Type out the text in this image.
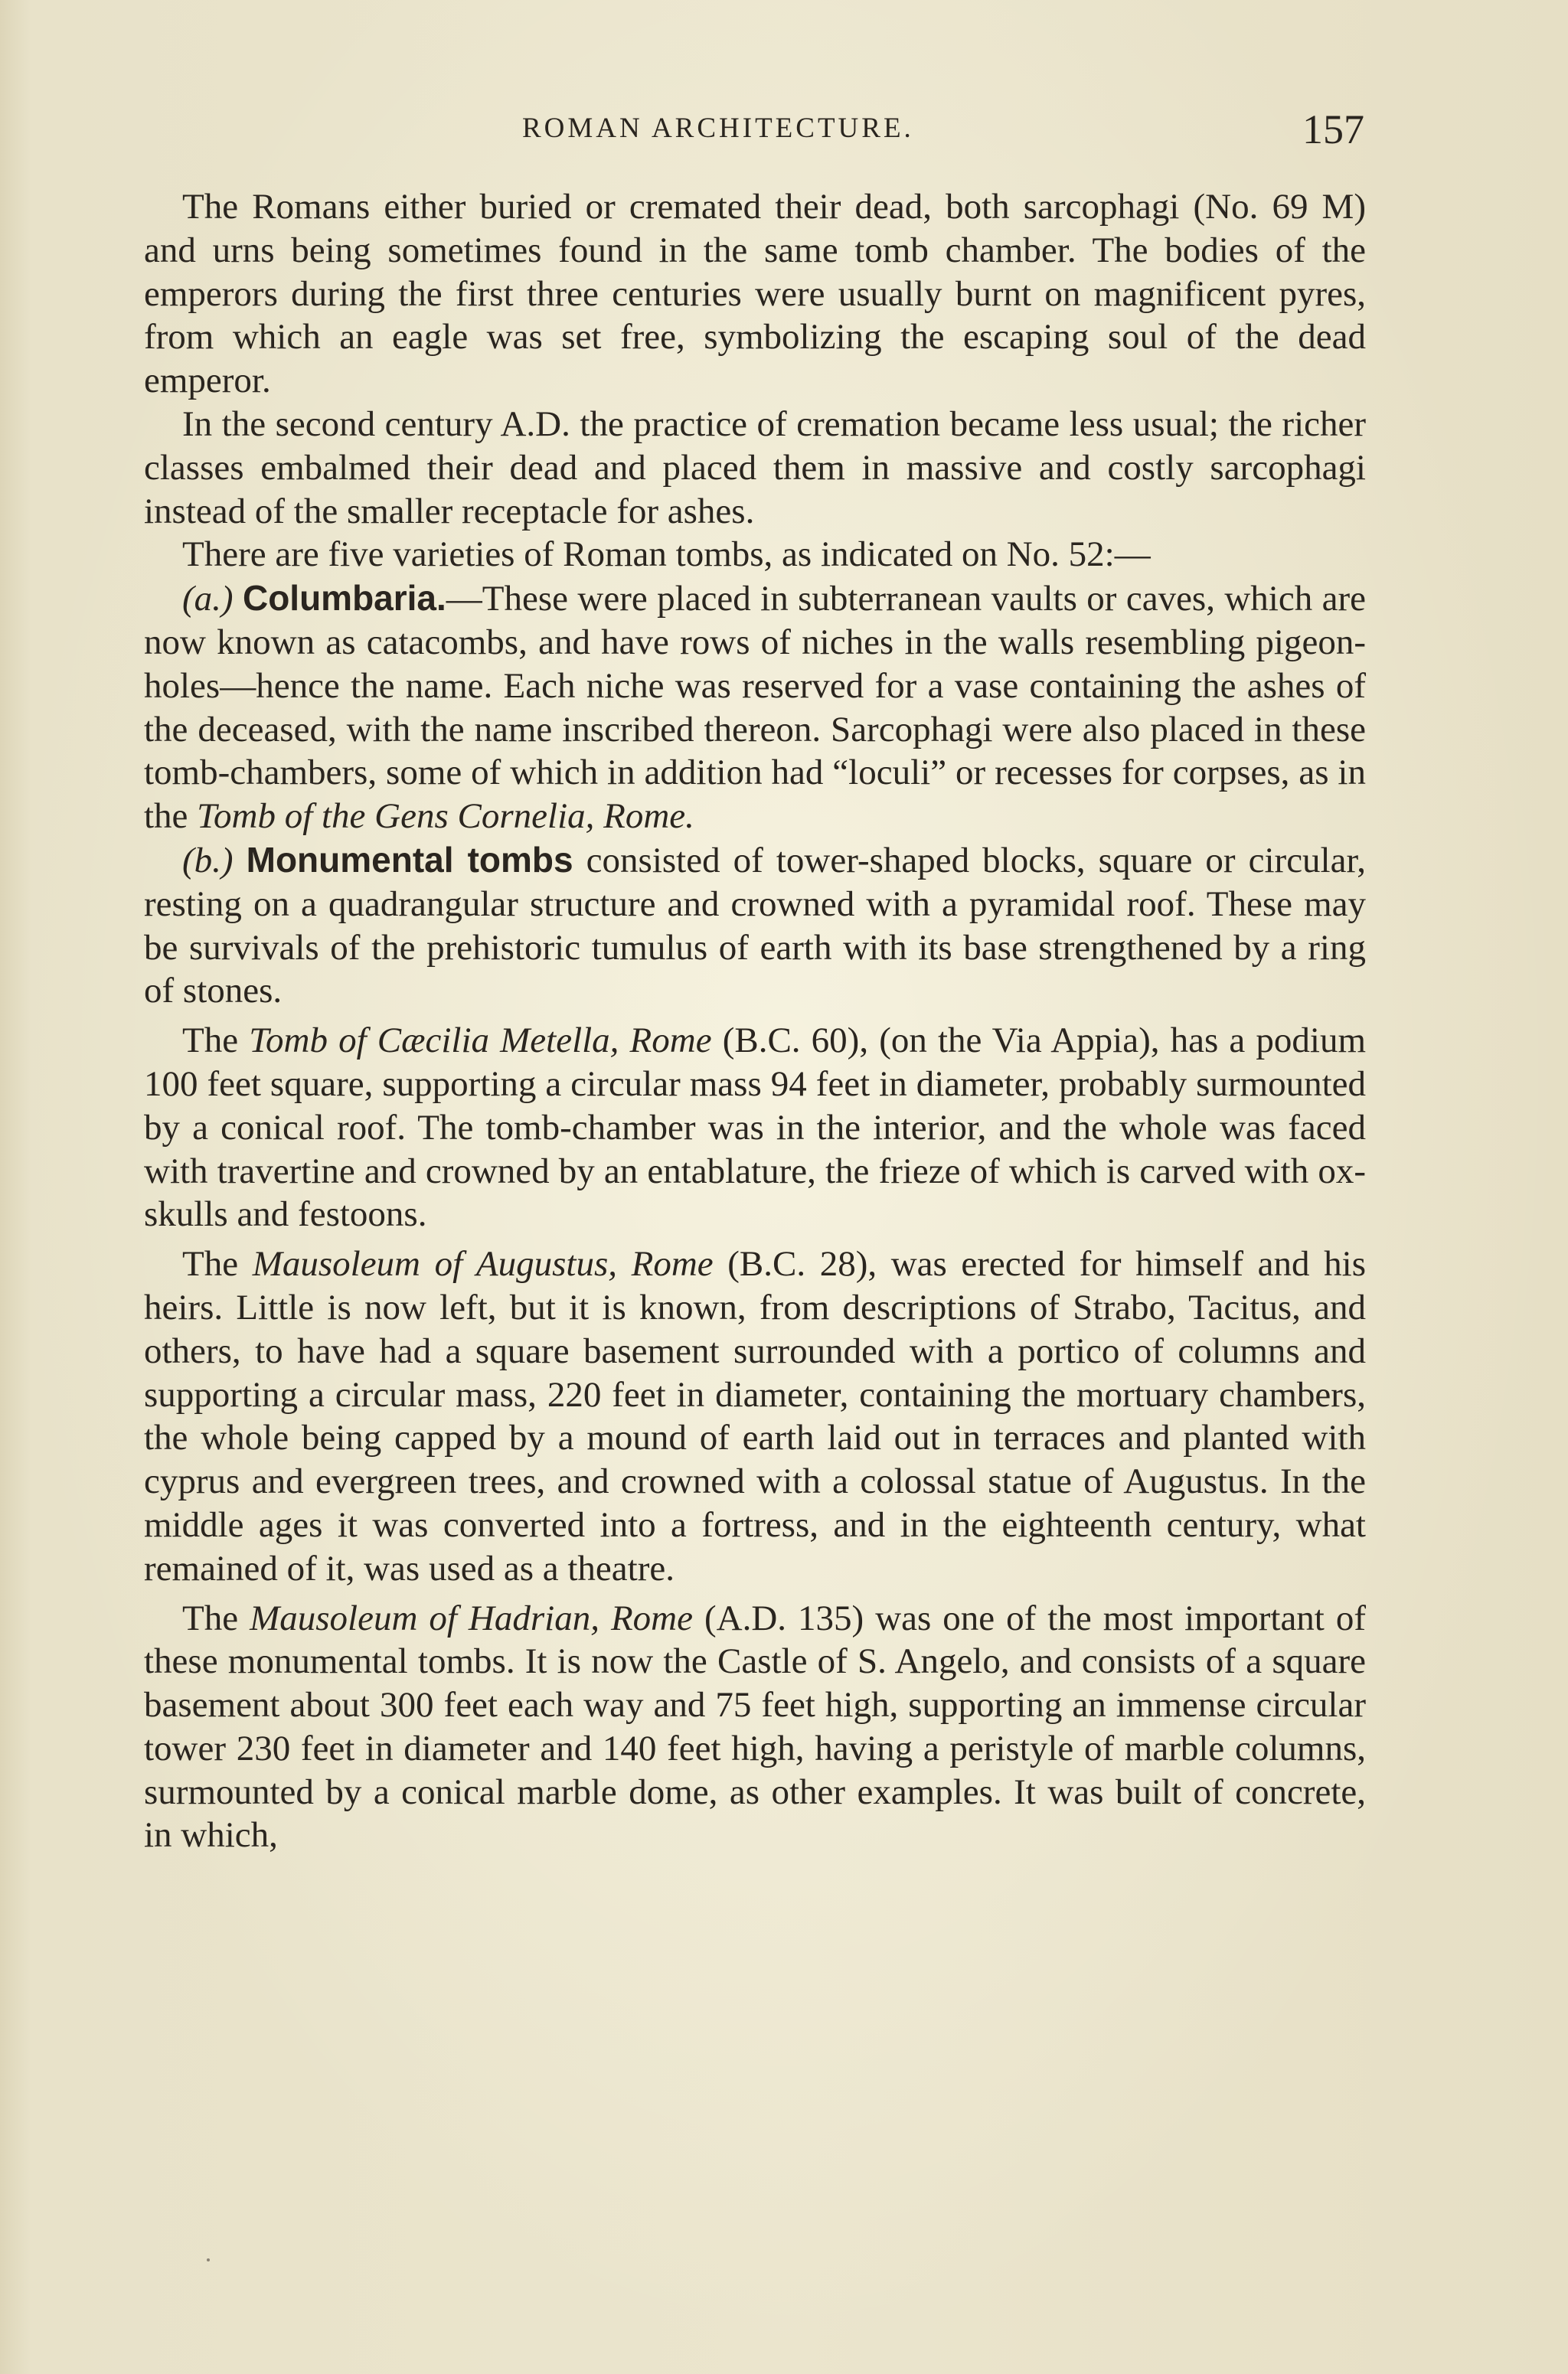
ROMAN ARCHITECTURE.	157

The Romans either buried or cremated their dead, both sarcophagi (No. 69 M) and urns being sometimes found in the same tomb chamber. The bodies of the emperors during the first three centuries were usually burnt on magnificent pyres, from which an eagle was set free, symbolizing the escaping soul of the dead emperor.

In the second century A.D. the practice of cremation became less usual; the richer classes embalmed their dead and placed them in massive and costly sarcophagi instead of the smaller receptacle for ashes.

There are five varieties of Roman tombs, as indicated on No. 52:—

(a.) Columbaria.—These were placed in subterranean vaults or caves, which are now known as catacombs, and have rows of niches in the walls resembling pigeon-holes—hence the name. Each niche was reserved for a vase containing the ashes of the deceased, with the name inscribed thereon. Sarcophagi were also placed in these tomb-chambers, some of which in addition had “loculi” or recesses for corpses, as in the Tomb of the Gens Cornelia, Rome.

(b.) Monumental tombs consisted of tower-shaped blocks, square or circular, resting on a quadrangular structure and crowned with a pyramidal roof. These may be survivals of the prehistoric tumulus of earth with its base strengthened by a ring of stones.

The Tomb of Cæcilia Metella, Rome (B.C. 60), (on the Via Appia), has a podium 100 feet square, supporting a circular mass 94 feet in diameter, probably surmounted by a conical roof. The tomb-chamber was in the interior, and the whole was faced with travertine and crowned by an entablature, the frieze of which is carved with ox-skulls and festoons.

The Mausoleum of Augustus, Rome (B.C. 28), was erected for himself and his heirs. Little is now left, but it is known, from descriptions of Strabo, Tacitus, and others, to have had a square basement surrounded with a portico of columns and supporting a circular mass, 220 feet in diameter, containing the mortuary chambers, the whole being capped by a mound of earth laid out in terraces and planted with cyprus and evergreen trees, and crowned with a colossal statue of Augustus. In the middle ages it was converted into a fortress, and in the eighteenth century, what remained of it, was used as a theatre.

The Mausoleum of Hadrian, Rome (A.D. 135) was one of the most important of these monumental tombs. It is now the Castle of S. Angelo, and consists of a square basement about 300 feet each way and 75 feet high, supporting an immense circular tower 230 feet in diameter and 140 feet high, having a peristyle of marble columns, surmounted by a conical marble dome, as other examples. It was built of concrete, in which,
